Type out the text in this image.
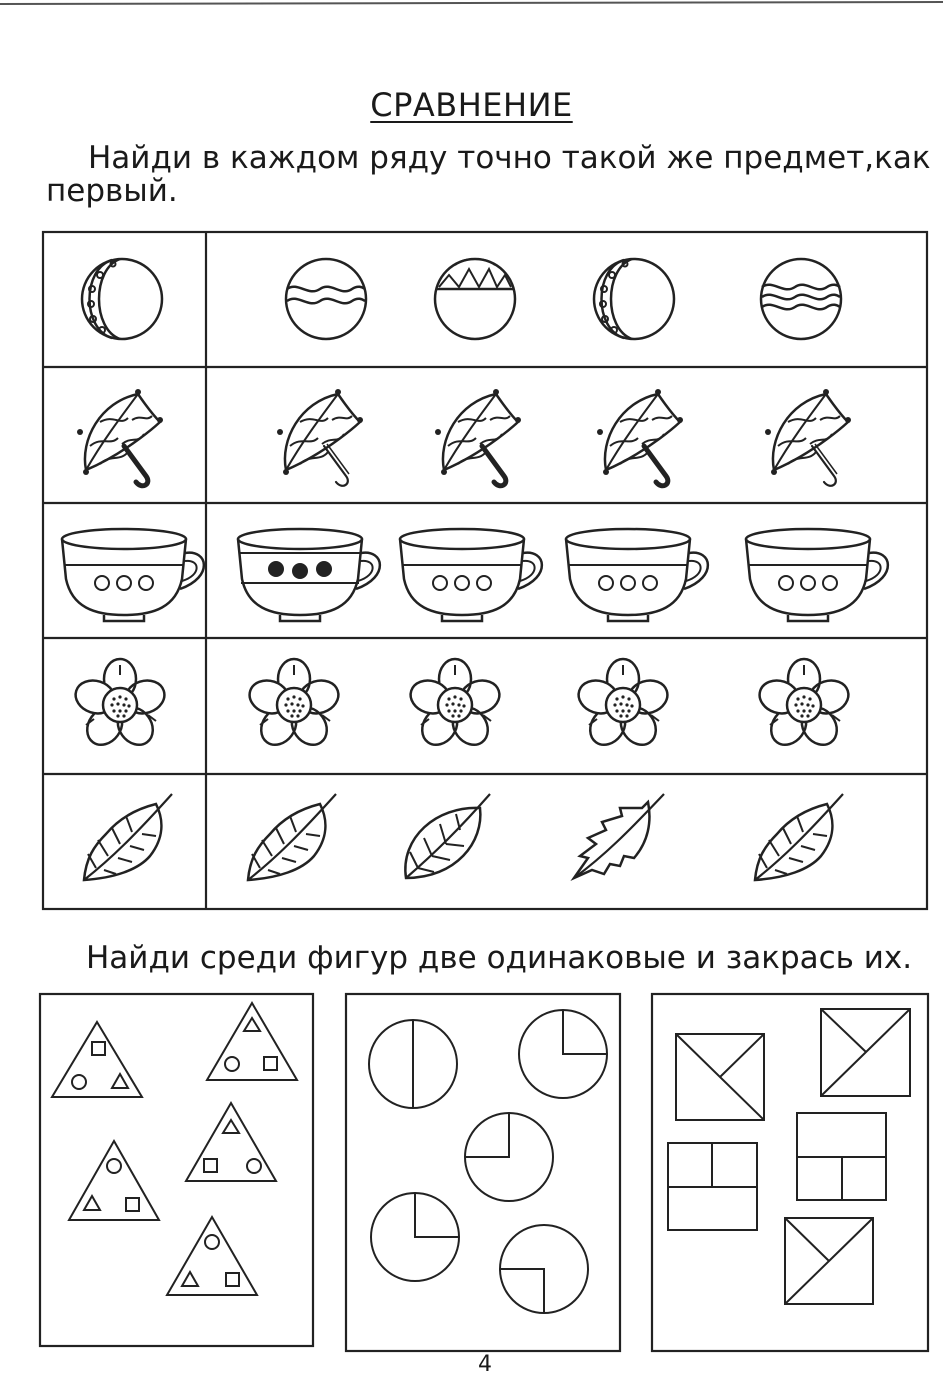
СРАВНЕНИЕ
Найди в каждом ряду точно такой же предмет,как первый.
Найди среди фигур две одинаковые и закрась их.
4
